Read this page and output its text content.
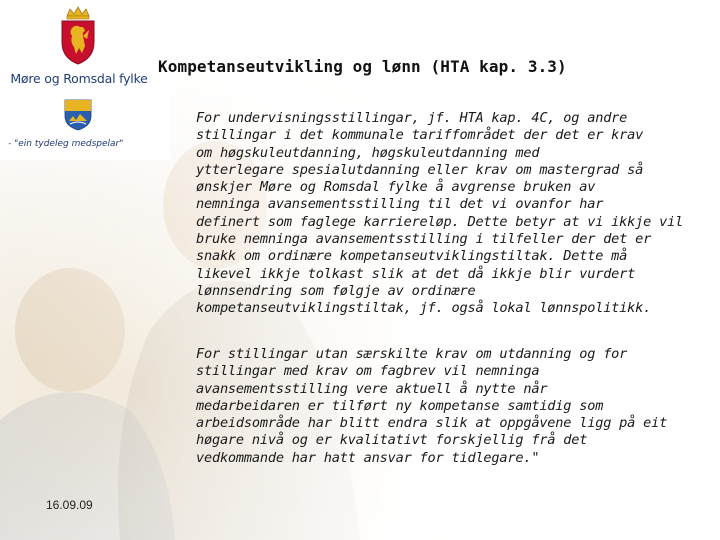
Møre og Romsdal fylke
- "ein tydeleg medspelar"
Kompetanseutvikling og lønn (HTA kap. 3.3)

For undervisningsstillingar, jf. HTA kap. 4C, og andre
stillingar i det kommunale tariffområdet der det er krav
om høgskuleutdanning, høgskuleutdanning med
ytterlegare spesialutdanning eller krav om mastergrad så
ønskjer Møre og Romsdal fylke å avgrense bruken av
nemninga avansementsstilling til det vi ovanfor har
definert som faglege karriereløp. Dette betyr at vi ikkje vil
bruke nemninga avansementsstilling i tilfeller der det er
snakk om ordinære kompetanseutviklingstiltak. Dette må
likevel ikkje tolkast slik at det då ikkje blir vurdert
lønnsendring som følgje av ordinære
kompetanseutviklingstiltak, jf. også lokal lønnspolitikk.

For stillingar utan særskilte krav om utdanning og for
stillingar med krav om fagbrev vil nemninga
avansementsstilling vere aktuell å nytte når
medarbeidaren er tilført ny kompetanse samtidig som
arbeidsområde har blitt endra slik at oppgåvene ligg på eit
høgare nivå og er kvalitativt forskjellig frå det
vedkommande har hatt ansvar for tidlegare."

16.09.09
